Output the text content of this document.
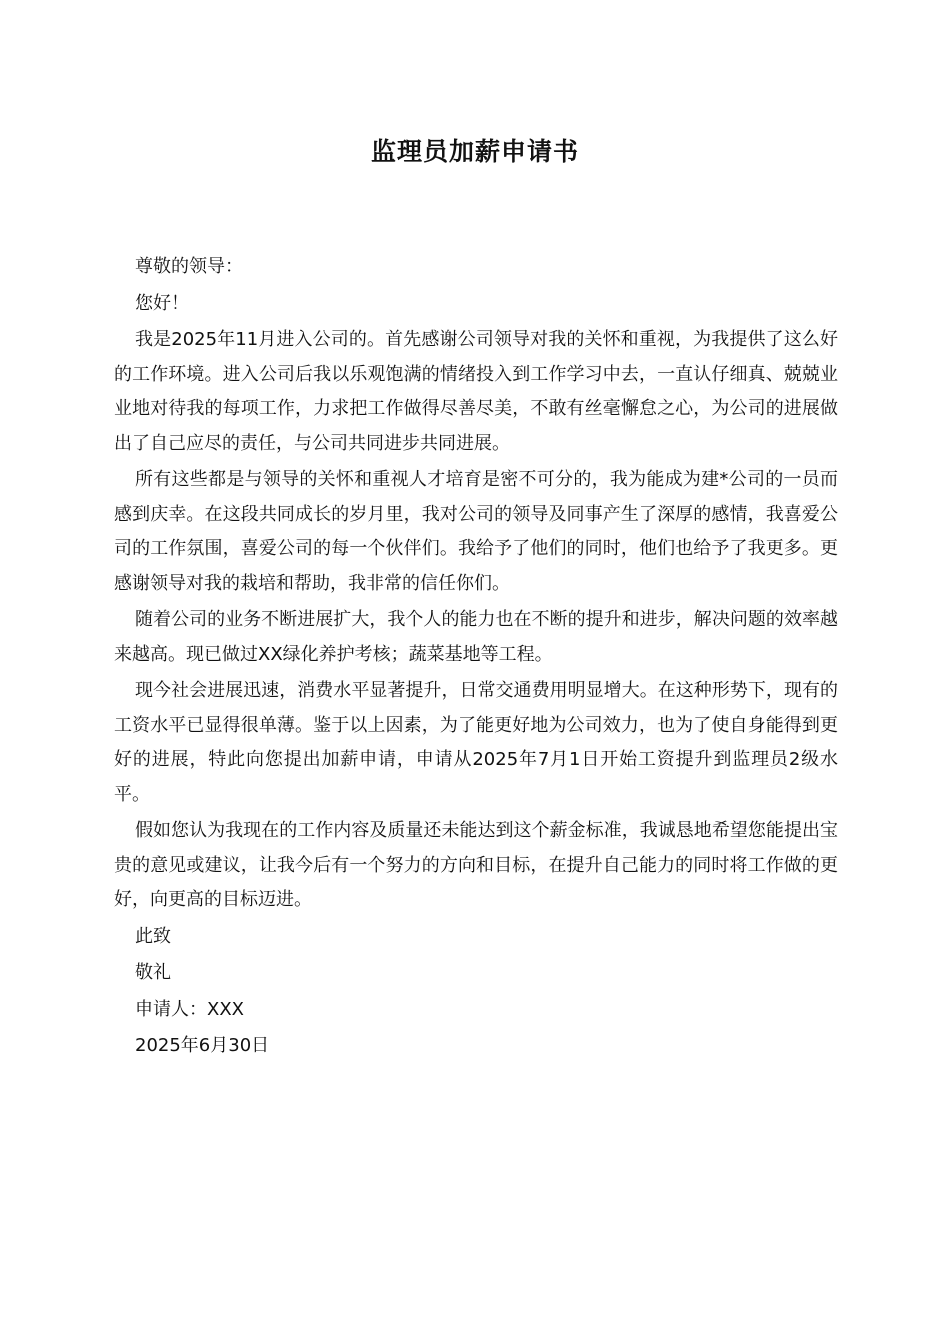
监理员加薪申请书

尊敬的领导：

您好！

我是2025年11月进入公司的。首先感谢公司领导对我的关怀和重视，为我提供了这么好的工作环境。进入公司后我以乐观饱满的情绪投入到工作学习中去，一直认仔细真、兢兢业业地对待我的每项工作，力求把工作做得尽善尽美，不敢有丝毫懈怠之心，为公司的进展做出了自己应尽的责任，与公司共同进步共同进展。

所有这些都是与领导的关怀和重视人才培育是密不可分的，我为能成为建*公司的一员而感到庆幸。在这段共同成长的岁月里，我对公司的领导及同事产生了深厚的感情，我喜爱公司的工作氛围，喜爱公司的每一个伙伴们。我给予了他们的同时，他们也给予了我更多。更感谢领导对我的栽培和帮助，我非常的信任你们。

随着公司的业务不断进展扩大，我个人的能力也在不断的提升和进步，解决问题的效率越来越高。现已做过XX绿化养护考核；蔬菜基地等工程。

现今社会进展迅速，消费水平显著提升，日常交通费用明显增大。在这种形势下，现有的工资水平已显得很单薄。鉴于以上因素，为了能更好地为公司效力，也为了使自身能得到更好的进展，特此向您提出加薪申请，申请从2025年7月1日开始工资提升到监理员2级水平。

假如您认为我现在的工作内容及质量还未能达到这个薪金标准，我诚恳地希望您能提出宝贵的意见或建议，让我今后有一个努力的方向和目标，在提升自己能力的同时将工作做的更好，向更高的目标迈进。

此致

敬礼

申请人：XXX

2025年6月30日
